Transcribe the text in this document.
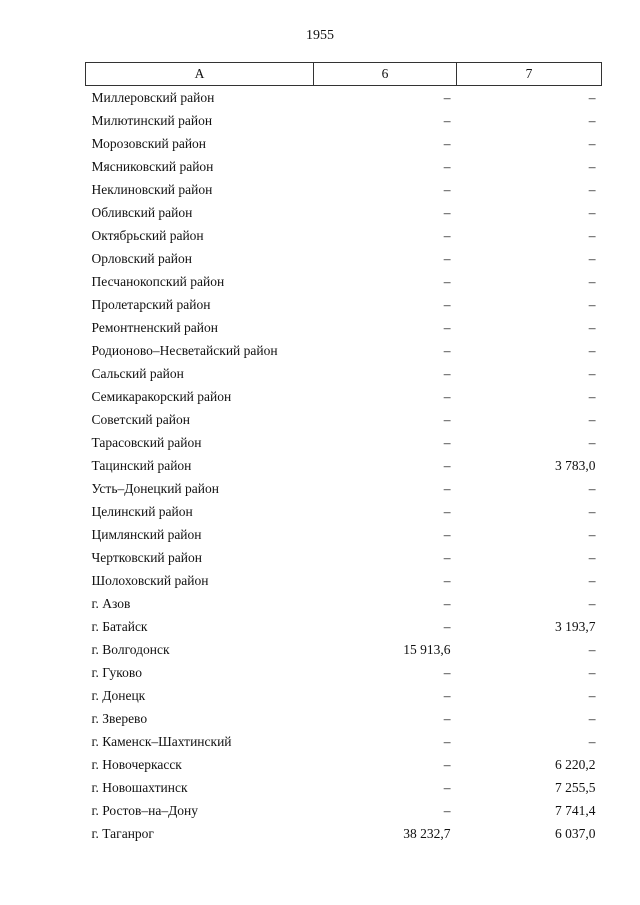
1955
А	6	7
Миллеровский район	–	–
Милютинский район	–	–
Морозовский район	–	–
Мясниковский район	–	–
Неклиновский район	–	–
Обливский район	–	–
Октябрьский район	–	–
Орловский район	–	–
Песчанокопский район	–	–
Пролетарский район	–	–
Ремонтненский район	–	–
Родионово–Несветайский район	–	–
Сальский район	–	–
Семикаракорский район	–	–
Советский район	–	–
Тарасовский район	–	–
Тацинский район	–	3 783,0
Усть–Донецкий район	–	–
Целинский район	–	–
Цимлянский район	–	–
Чертковский район	–	–
Шолоховский район	–	–
г. Азов	–	–
г. Батайск	–	3 193,7
г. Волгодонск	15 913,6	–
г. Гуково	–	–
г. Донецк	–	–
г. Зверево	–	–
г. Каменск–Шахтинский	–	–
г. Новочеркасск	–	6 220,2
г. Новошахтинск	–	7 255,5
г. Ростов–на–Дону	–	7 741,4
г. Таганрог	38 232,7	6 037,0
